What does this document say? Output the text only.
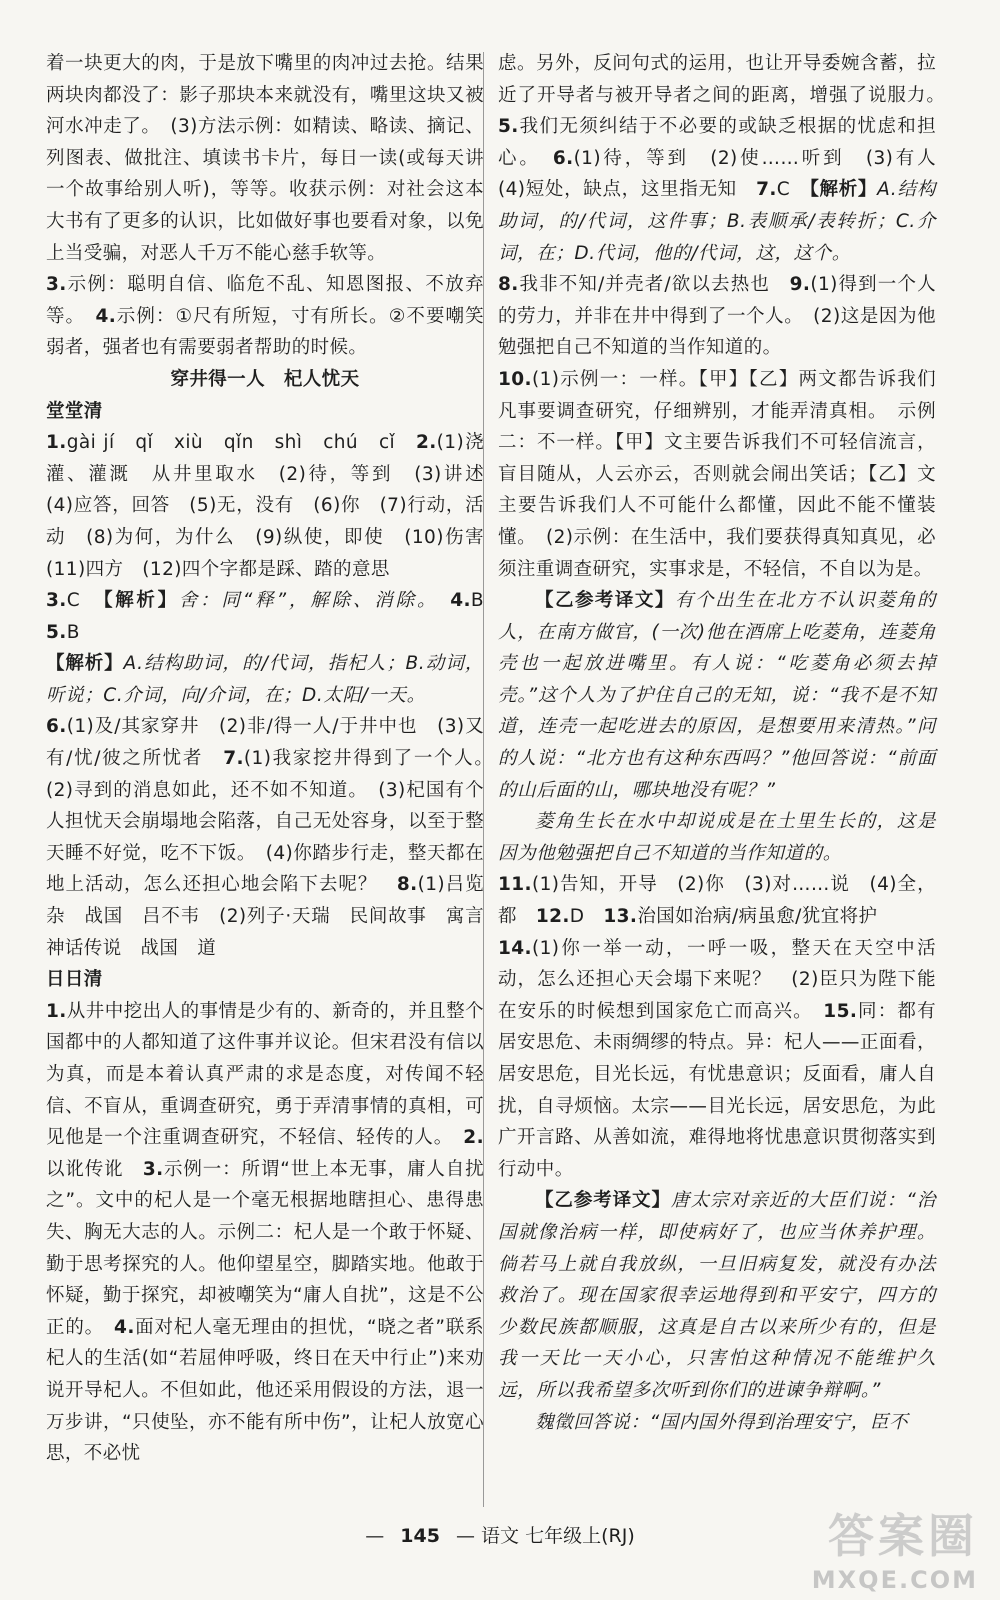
着一块更大的肉，于是放下嘴里的肉冲过去抢。结果两块肉都没了：影子那块本来就没有，嘴里这块又被河水冲走了。　(3)方法示例：如精读、略读、摘记、列图表、做批注、填读书卡片，每日一读(或每天讲一个故事给别人听)，等等。收获示例：对社会这本大书有了更多的认识，比如做好事也要看对象，以免上当受骗，对恶人千万不能心慈手软等。

3.示例：聪明自信、临危不乱、知恩图报、不放弃等。　 4.示例：①尺有所短，寸有所长。②不要嘲笑弱者，强者也有需要弱者帮助的时候。

穿井得一人　杞人忧天

堂堂清

1.gài jí　qǐ　xiù　qǐn　shì　chú　cǐ　 2.(1)浇灌、灌溉　从井里取水　(2)待，等到　(3)讲述　(4)应答，回答　(5)无，没有　(6)你　(7)行动，活动　(8)为何，为什么　(9)纵使，即使　(10)伤害　(11)四方　(12)四个字都是踩、踏的意思

3.C　【解析】舍：同“释”，解除、消除。　 4.B　5.B
【解析】A.结构助词，的/代词，指杞人；B.动词，听说；C.介词，向/介词，在；D.太阳/一天。

6.(1)及/其家穿井　(2)非/得一人/于井中也　(3)又有/忧/彼之所忧者　 7.(1)我家挖井得到了一个人。　(2)寻到的消息如此，还不如不知道。　(3)杞国有个人担忧天会崩塌地会陷落，自己无处容身，以至于整天睡不好觉，吃不下饭。　(4)你踏步行走，整天都在地上活动，怎么还担心地会陷下去呢？　 8.(1)吕览　杂　战国　吕不韦　(2)列子·天瑞　民间故事　寓言　神话传说　战国　道

日日清

1.从井中挖出人的事情是少有的、新奇的，并且整个国都中的人都知道了这件事并议论。但宋君没有信以为真，而是本着认真严肃的求是态度，对传闻不轻信、不盲从，重调查研究，勇于弄清事情的真相，可见他是一个注重调查研究，不轻信、轻传的人。　 2.以讹传讹　 3.示例一：所谓“世上本无事，庸人自扰之”。文中的杞人是一个毫无根据地瞎担心、患得患失、胸无大志的人。示例二：杞人是一个敢于怀疑、勤于思考探究的人。他仰望星空，脚踏实地。他敢于怀疑，勤于探究，却被嘲笑为“庸人自扰”，这是不公正的。　 4.面对杞人毫无理由的担忧，“晓之者”联系杞人的生活(如“若屈伸呼吸，终日在天中行止”)来劝说开导杞人。不但如此，他还采用假设的方法，退一万步讲，“只使坠，亦不能有所中伤”，让杞人放宽心思，不必忧

虑。另外，反问句式的运用，也让开导委婉含蓄，拉近了开导者与被开导者之间的距离，增强了说服力。　5.我们无须纠结于不必要的或缺乏根据的忧虑和担心。　 6.(1)待，等到　(2)使……听到　(3)有人　(4)短处，缺点，这里指无知　 7.C　【解析】A.结构助词，的/代词，这件事；B.表顺承/表转折；C.介词，在；D.代词，他的/代词，这，这个。

8.我非不知/并壳者/欲以去热也　 9.(1)得到一个人的劳力，并非在井中得到了一个人。　(2)这是因为他勉强把自己不知道的当作知道的。

10.(1)示例一：一样。【甲】【乙】两文都告诉我们凡事要调查研究，仔细辨别，才能弄清真相。　示例二：不一样。【甲】文主要告诉我们不可轻信流言，盲目随从，人云亦云，否则就会闹出笑话；【乙】文主要告诉我们人不可能什么都懂，因此不能不懂装懂。　(2)示例：在生活中，我们要获得真知真见，必须注重调查研究，实事求是，不轻信，不自以为是。

【乙参考译文】有个出生在北方不认识菱角的人，在南方做官，(一次)他在酒席上吃菱角，连菱角壳也一起放进嘴里。有人说：“吃菱角必须去掉壳。”这个人为了护住自己的无知，说：“我不是不知道，连壳一起吃进去的原因，是想要用来清热。”问的人说：“北方也有这种东西吗？”他回答说：“前面的山后面的山，哪块地没有呢？”

菱角生长在水中却说成是在土里生长的，这是因为他勉强把自己不知道的当作知道的。

11.(1)告知，开导　(2)你　(3)对……说　(4)全，都　 12.D　 13.治国如治病/病虽愈/犹宜将护

14.(1)你一举一动，一呼一吸，整天在天空中活动，怎么还担心天会塌下来呢？　(2)臣只为陛下能在安乐的时候想到国家危亡而高兴。　 15.同：都有居安思危、未雨绸缪的特点。异：杞人——正面看，居安思危，目光长远，有忧患意识；反面看，庸人自扰，自寻烦恼。太宗——目光长远，居安思危，为此广开言路、从善如流，难得地将忧患意识贯彻落实到行动中。

【乙参考译文】唐太宗对亲近的大臣们说：“治国就像治病一样，即使病好了，也应当休养护理。倘若马上就自我放纵，一旦旧病复发，就没有办法救治了。现在国家很幸运地得到和平安宁，四方的少数民族都顺服，这真是自古以来所少有的，但是我一天比一天小心，只害怕这种情况不能维护久远，所以我希望多次听到你们的进谏争辩啊。”

魏徵回答说：“国内国外得到治理安宁，臣不

— 145 — 语文 七年级上(RJ)	答案圈
MXQE.COM
